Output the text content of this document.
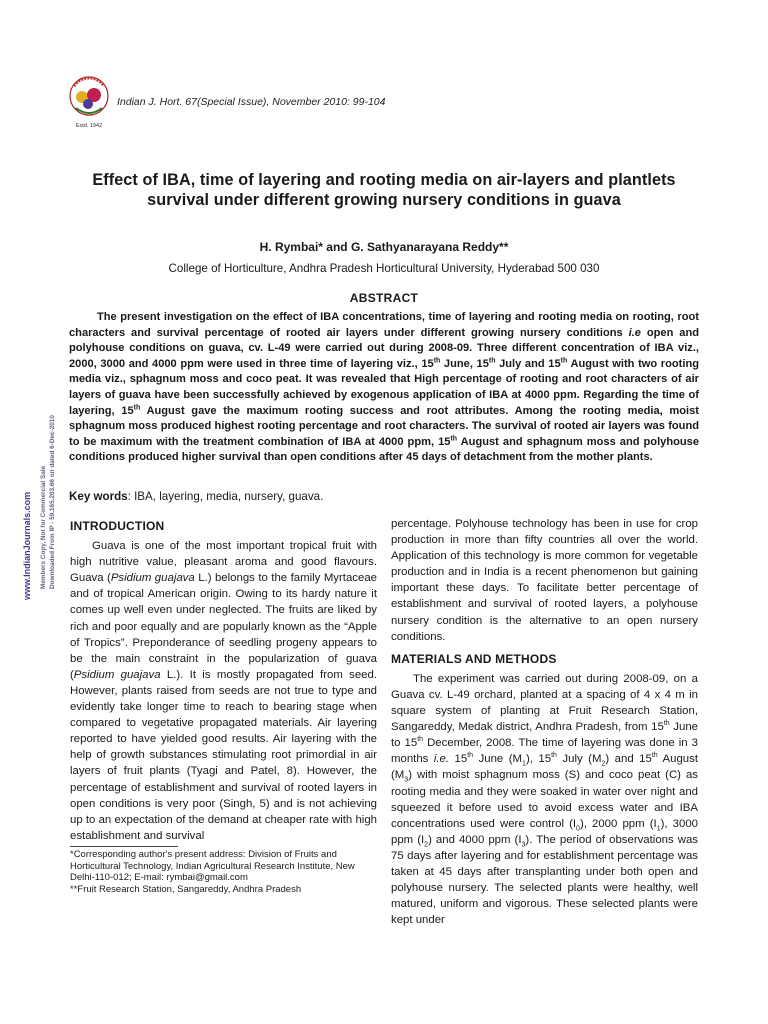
Estd. 1942
Indian J. Hort. 67(Special Issue), November 2010: 99-104
Effect of IBA, time of layering and rooting media on air-layers and plantlets survival under different growing nursery conditions in guava
H. Rymbai* and G. Sathyanarayana Reddy**
College of Horticulture, Andhra Pradesh Horticultural University, Hyderabad 500 030
ABSTRACT

The present investigation on the effect of IBA concentrations, time of layering and rooting media on rooting, root characters and survival percentage of rooted air layers under different growing nursery conditions i.e open and polyhouse conditions on guava, cv. L-49 were carried out during 2008-09. Three different concentration of IBA viz., 2000, 3000 and 4000 ppm were used in three time of layering viz., 15th June, 15th July and 15th August with two rooting media viz., sphagnum moss and coco peat. It was revealed that High percentage of rooting and root characters of air layers of guava have been successfully achieved by exogenous application of IBA at 4000 ppm. Regarding the time of layering, 15th August gave the maximum rooting success and root attributes. Among the rooting media, moist sphagnum moss produced highest rooting percentage and root characters. The survival of rooted air layers was found to be maximum with the treatment combination of IBA at 4000 ppm, 15th August and sphagnum moss and polyhouse conditions produced higher survival than open conditions after 45 days of detachment from the mother plants.

Key words: IBA, layering, media, nursery, guava.
INTRODUCTION

Guava is one of the most important tropical fruit with high nutritive value, pleasant aroma and good flavours. Guava (Psidium guajava L.) belongs to the family Myrtaceae and of tropical American origin. Owing to its hardy nature it comes up well even under neglected. The fruits are liked by rich and poor equally and are popularly known as the “Apple of Tropics”. Preponderance of seedling progeny appears to be the main constraint in the popularization of guava (Psidium guajava L.). It is mostly propagated from seed. However, plants raised from seeds are not true to type and evidently take longer time to reach to bearing stage when compared to vegetative propagated materials. Air layering reported to have yielded good results. Air layering with the help of growth substances stimulating root primordial in air layers of fruit plants (Tyagi and Patel, 8). However, the percentage of establishment and survival of rooted layers in open conditions is very poor (Singh, 5) and is not achieving up to an expectation of the demand at cheaper rate with high establishment and survival

percentage. Polyhouse technology has been in use for crop production in more than fifty countries all over the world. Application of this technology is more common for vegetable production and in India is a recent phenomenon but gaining important these days. To facilitate better percentage of establishment and survival of rooted layers, a polyhouse nursery condition is the alternative to an open nursery conditions.

MATERIALS AND METHODS

The experiment was carried out during 2008-09, on a Guava cv. L-49 orchard, planted at a spacing of 4 x 4 m in square system of planting at Fruit Research Station, Sangareddy, Medak district, Andhra Pradesh, from 15th June to 15th December, 2008. The time of layering was done in 3 months i.e. 15th June $(M_1)$, 15th July $(M_2)$ and 15th August $(M_3)$ with moist sphagnum moss (S) and coco peat (C) as rooting media and they were soaked in water over night and squeezed it before used to avoid excess water and IBA concentrations used were control $(I_0)$, 2000 ppm $(I_1)$, 3000 ppm $(I_2)$ and 4000 ppm $(I_3)$. The period of observations was 75 days after layering and for establishment percentage was taken at 45 days after transplanting under both open and polyhouse nursery. The selected plants were healthy, well matured, uniform and vigorous. These selected plants were kept under

*Corresponding author's present address: Division of Fruits and Horticultural Technology, Indian Agricultural Research Institute, New Delhi-110-012; E-mail: rymbai@gmail.com

**Fruit Research Station, Sangareddy, Andhra Pradesh

www.IndianJournals.com Members Copy, Not for Commercial Sale Downloaded From IP - 59.165.203.66 on dated 6-Dec-2010
